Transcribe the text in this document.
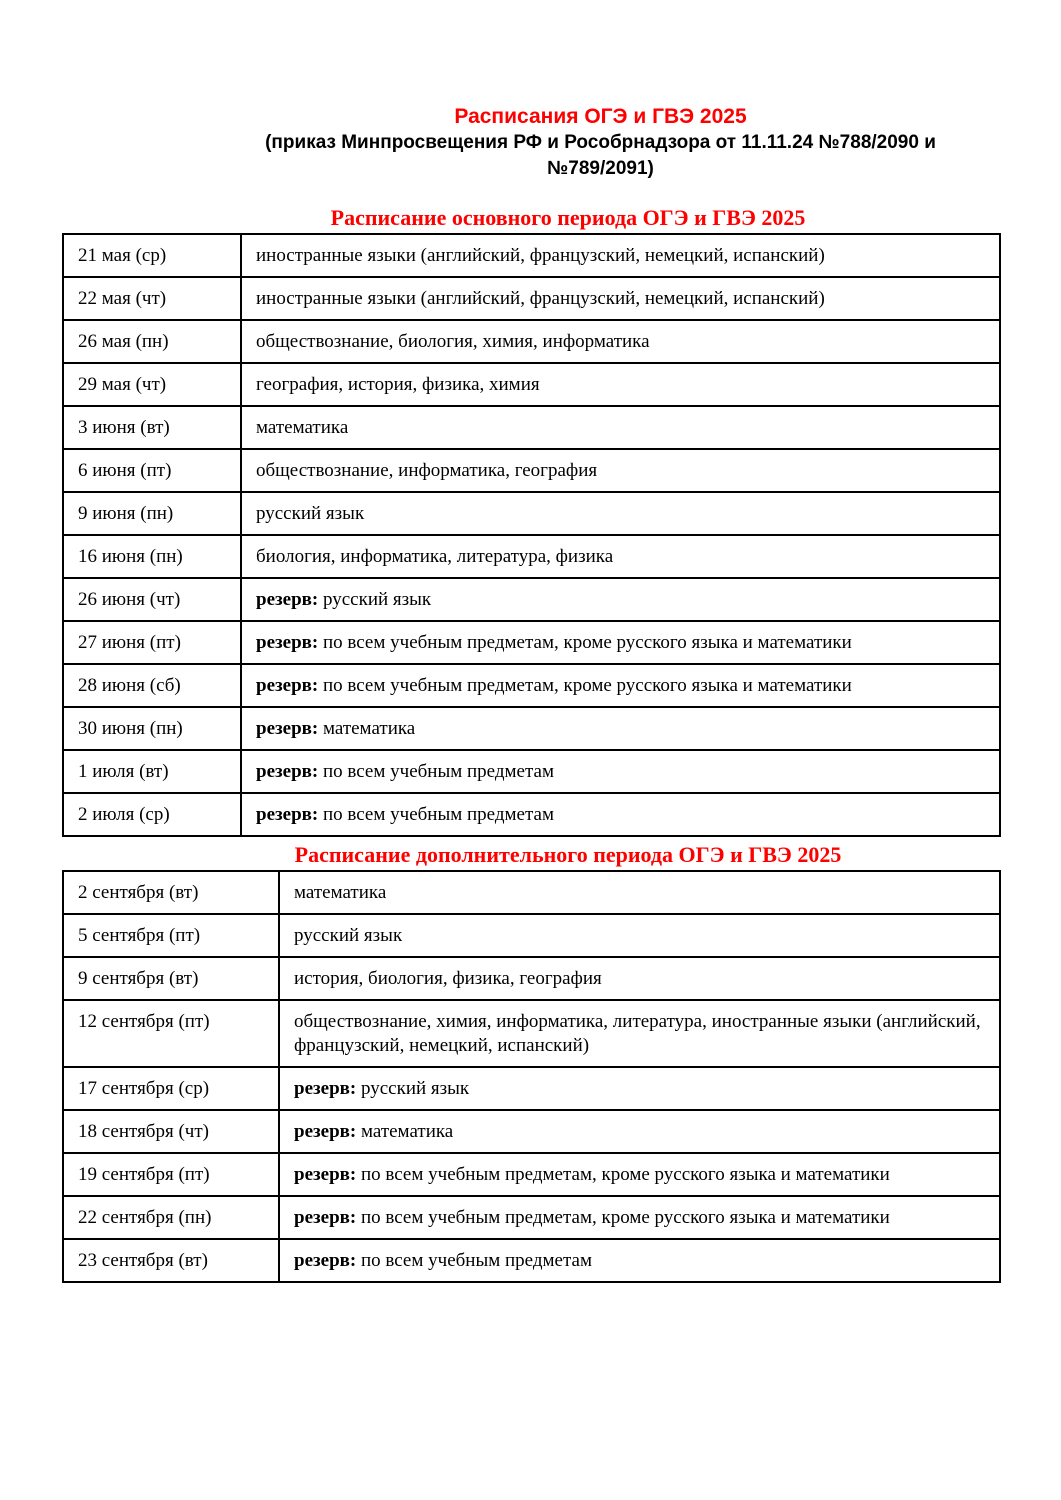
Расписания ОГЭ и ГВЭ 2025

(приказ Минпросвещения РФ и Рособрнадзора от 11.11.24 №788/2090 и №789/2091)

Расписание основного периода ОГЭ и ГВЭ 2025
21 мая (ср)	иностранные языки (английский, французский, немецкий, испанский)
22 мая (чт)	иностранные языки (английский, французский, немецкий, испанский)
26 мая (пн)	обществознание, биология, химия, информатика
29 мая (чт)	география, история, физика, химия
3 июня (вт)	математика
6 июня (пт)	обществознание, информатика, география
9 июня (пн)	русский язык
16 июня (пн)	биология, информатика, литература, физика
26 июня (чт)	резерв: русский язык
27 июня (пт)	резерв: по всем учебным предметам, кроме русского языка и математики
28 июня (сб)	резерв: по всем учебным предметам, кроме русского языка и математики
30 июня (пн)	резерв: математика
1 июля (вт)	резерв: по всем учебным предметам
2 июля (ср)	резерв: по всем учебным предметам
Расписание дополнительного периода ОГЭ и ГВЭ 2025
2 сентября (вт)	математика
5 сентября (пт)	русский язык
9 сентября (вт)	история, биология, физика, география
12 сентября (пт)	обществознание, химия, информатика, литература, иностранные языки (английский, французский, немецкий, испанский)
17 сентября (ср)	резерв: русский язык
18 сентября (чт)	резерв: математика
19 сентября (пт)	резерв: по всем учебным предметам, кроме русского языка и математики
22 сентября (пн)	резерв: по всем учебным предметам, кроме русского языка и математики
23 сентября (вт)	резерв: по всем учебным предметам
